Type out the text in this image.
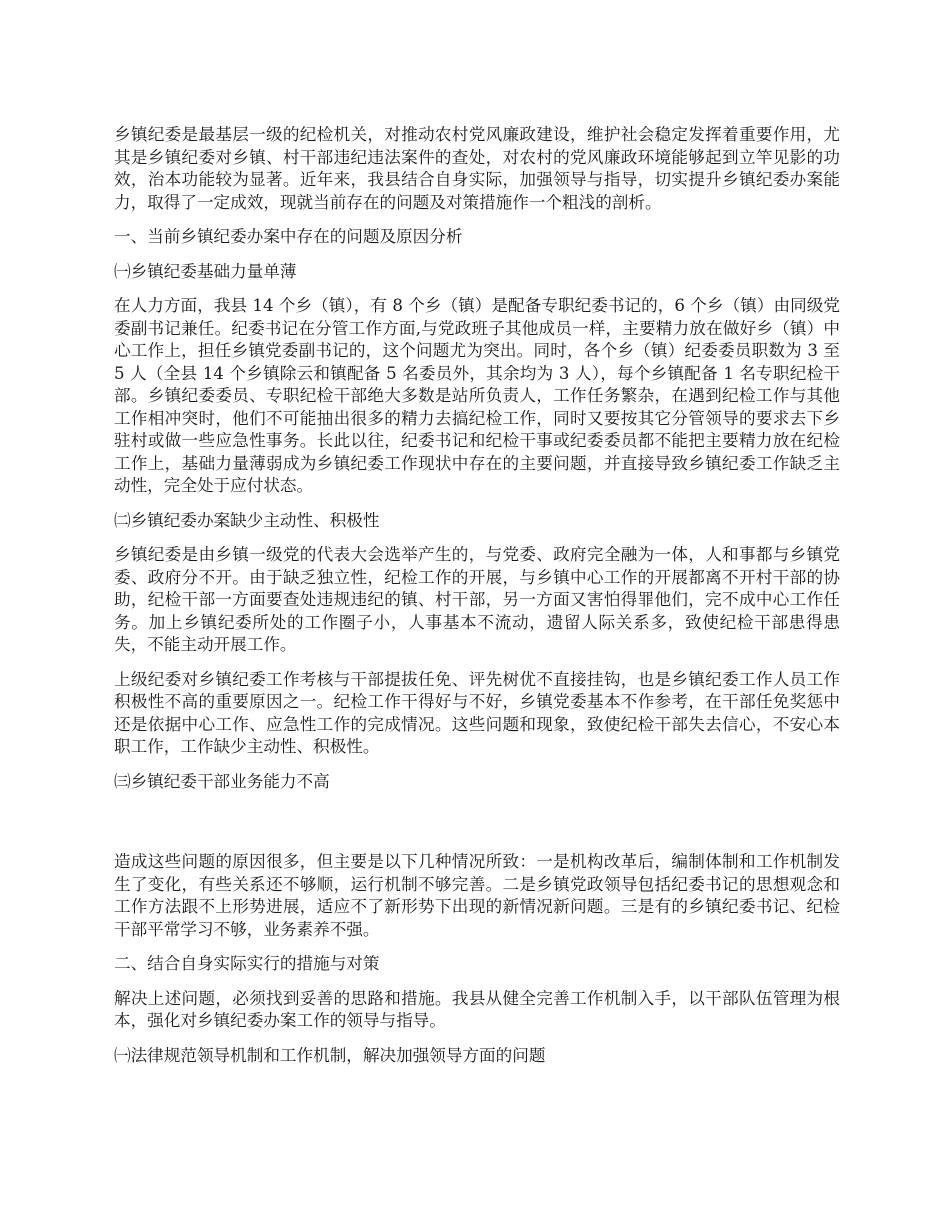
乡镇纪委是最基层一级的纪检机关，对推动农村党风廉政建设，维护社会稳定发挥着重要作用，尤其是乡镇纪委对乡镇、村干部违纪违法案件的查处，对农村的党风廉政环境能够起到立竿见影的功效，治本功能较为显著。近年来，我县结合自身实际，加强领导与指导，切实提升乡镇纪委办案能力，取得了一定成效，现就当前存在的问题及对策措施作一个粗浅的剖析。

一、当前乡镇纪委办案中存在的问题及原因分析

㈠乡镇纪委基础力量单薄

在人力方面，我县 14 个乡（镇），有 8 个乡（镇）是配备专职纪委书记的，6 个乡（镇）由同级党委副书记兼任。纪委书记在分管工作方面,与党政班子其他成员一样，主要精力放在做好乡（镇）中心工作上，担任乡镇党委副书记的，这个问题尤为突出。同时，各个乡（镇）纪委委员职数为 3 至 5 人（全县 14 个乡镇除云和镇配备 5 名委员外，其余均为 3 人），每个乡镇配备 1 名专职纪检干部。乡镇纪委委员、专职纪检干部绝大多数是站所负责人，工作任务繁杂，在遇到纪检工作与其他工作相冲突时，他们不可能抽出很多的精力去搞纪检工作，同时又要按其它分管领导的要求去下乡驻村或做一些应急性事务。长此以往，纪委书记和纪检干事或纪委委员都不能把主要精力放在纪检工作上，基础力量薄弱成为乡镇纪委工作现状中存在的主要问题，并直接导致乡镇纪委工作缺乏主动性，完全处于应付状态。

㈡乡镇纪委办案缺少主动性、积极性

乡镇纪委是由乡镇一级党的代表大会选举产生的，与党委、政府完全融为一体，人和事都与乡镇党委、政府分不开。由于缺乏独立性，纪检工作的开展，与乡镇中心工作的开展都离不开村干部的协助，纪检干部一方面要查处违规违纪的镇、村干部，另一方面又害怕得罪他们，完不成中心工作任务。加上乡镇纪委所处的工作圈子小，人事基本不流动，遗留人际关系多，致使纪检干部患得患失，不能主动开展工作。

上级纪委对乡镇纪委工作考核与干部提拔任免、评先树优不直接挂钩，也是乡镇纪委工作人员工作积极性不高的重要原因之一。纪检工作干得好与不好，乡镇党委基本不作参考，在干部任免奖惩中还是依据中心工作、应急性工作的完成情况。这些问题和现象，致使纪检干部失去信心，不安心本职工作，工作缺少主动性、积极性。

㈢乡镇纪委干部业务能力不高

造成这些问题的原因很多，但主要是以下几种情况所致：一是机构改革后，编制体制和工作机制发生了变化，有些关系还不够顺，运行机制不够完善。二是乡镇党政领导包括纪委书记的思想观念和工作方法跟不上形势进展，适应不了新形势下出现的新情况新问题。三是有的乡镇纪委书记、纪检干部平常学习不够，业务素养不强。

二、结合自身实际实行的措施与对策

解决上述问题，必须找到妥善的思路和措施。我县从健全完善工作机制入手，以干部队伍管理为根本，强化对乡镇纪委办案工作的领导与指导。

㈠法律规范领导机制和工作机制，解决加强领导方面的问题
